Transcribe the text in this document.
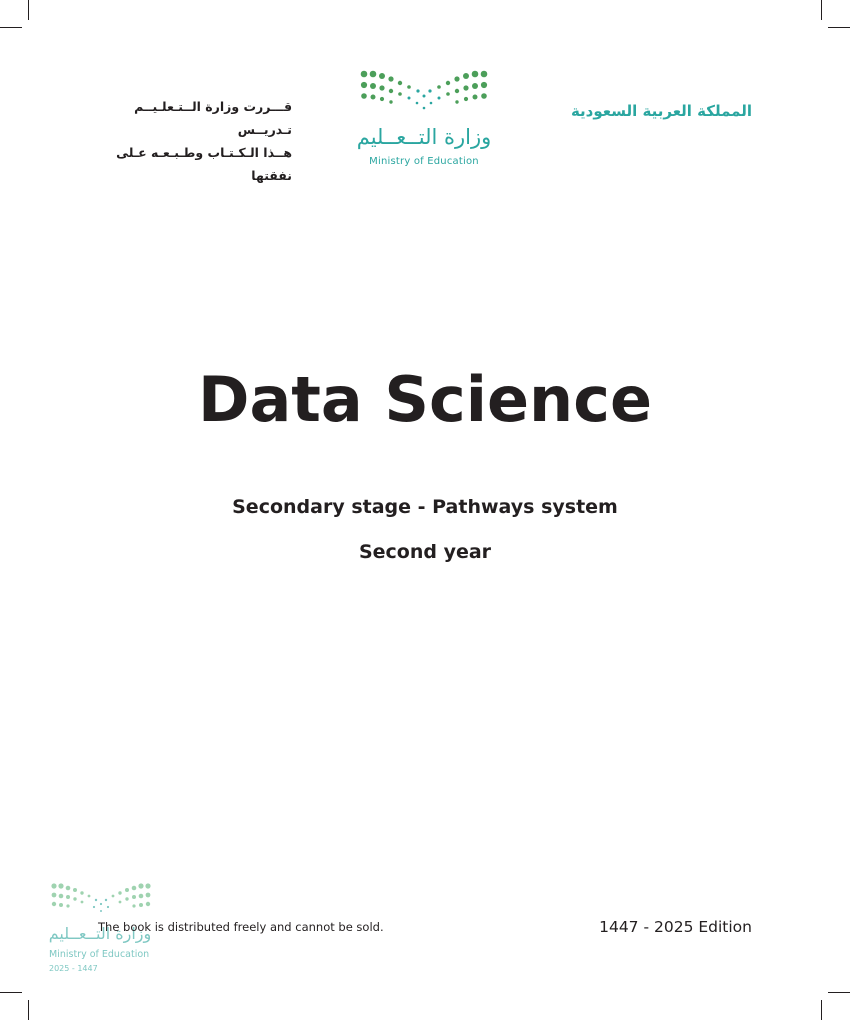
قـــررت وزارة الــتـعلـيــم تـدريــس
هــذا الـكـتـاب وطـبـعـه عـلى نفقتها
وزارة التــعــليم
Ministry of Education
المملكة العربية السعودية
Data Science
Secondary stage - Pathways system
Second year
وزارة التــعــليم
Ministry of Education
2025 - 1447
The book is distributed freely and cannot be sold.	1447 - 2025 Edition
